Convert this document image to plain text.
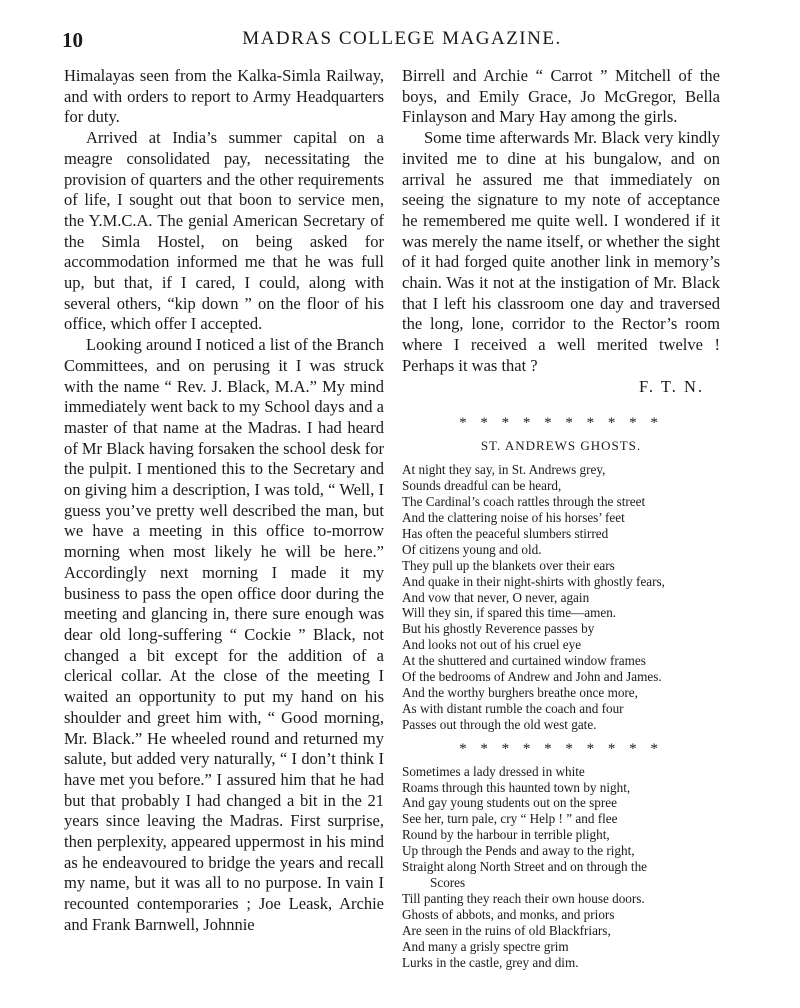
10	MADRAS COLLEGE MAGAZINE.

Himalayas seen from the Kalka-Simla Railway, and with orders to report to Army Headquarters for duty.

Arrived at India’s summer capital on a meagre consolidated pay, necessitating the provision of quarters and the other requirements of life, I sought out that boon to service men, the Y.M.C.A. The genial American Secretary of the Simla Hostel, on being asked for accommodation informed me that he was full up, but that, if I cared, I could, along with several others, “kip down ” on the floor of his office, which offer I accepted.

Looking around I noticed a list of the Branch Committees, and on perusing it I was struck with the name “ Rev. J. Black, M.A.” My mind immediately went back to my School days and a master of that name at the Madras. I had heard of Mr Black having forsaken the school desk for the pulpit. I mentioned this to the Secretary and on giving him a description, I was told, “ Well, I guess you’ve pretty well described the man, but we have a meeting in this office to-morrow morning when most likely he will be here.” Accordingly next morning I made it my business to pass the open office door during the meeting and glancing in, there sure enough was dear old long-suffering “ Cockie ” Black, not changed a bit except for the addition of a clerical collar. At the close of the meeting I waited an opportunity to put my hand on his shoulder and greet him with, “ Good morning, Mr. Black.” He wheeled round and returned my salute, but added very naturally, “ I don’t think I have met you before.” I assured him that he had but that probably I had changed a bit in the 21 years since leaving the Madras. First surprise, then perplexity, appeared uppermost in his mind as he endeavoured to bridge the years and recall my name, but it was all to no purpose. In vain I recounted contemporaries ; Joe Leask, Archie and Frank Barnwell, Johnnie

Birrell and Archie “ Carrot ” Mitchell of the boys, and Emily Grace, Jo McGregor, Bella Finlayson and Mary Hay among the girls.

Some time afterwards Mr. Black very kindly invited me to dine at his bungalow, and on arrival he assured me that immediately on seeing the signature to my note of acceptance he remembered me quite well. I wondered if it was merely the name itself, or whether the sight of it had forged quite another link in memory’s chain. Was it not at the instigation of Mr. Black that I left his classroom one day and traversed the long, lone, corridor to the Rector’s room where I received a well merited twelve ! Perhaps it was that ?

F. T. N.

* * * * * * * * * *

ST. ANDREWS GHOSTS.
At night they say, in St. Andrews grey,
Sounds dreadful can be heard,
The Cardinal’s coach rattles through the street
And the clattering noise of his horses’ feet
Has often the peaceful slumbers stirred
Of citizens young and old.
They pull up the blankets over their ears
And quake in their night-shirts with ghostly fears,
And vow that never, O never, again
Will they sin, if spared this time—amen.
But his ghostly Reverence passes by
And looks not out of his cruel eye
At the shuttered and curtained window frames
Of the bedrooms of Andrew and John and James.
And the worthy burghers breathe once more,
As with distant rumble the coach and four
Passes out through the old west gate.

* * * * * * * * * *

Sometimes a lady dressed in white
Roams through this haunted town by night,
And gay young students out on the spree
See her, turn pale, cry “ Help ! ” and flee
Round by the harbour in terrible plight,
Up through the Pends and away to the right,
Straight along North Street and on through the
Scores
Till panting they reach their own house doors.
Ghosts of abbots, and monks, and priors
Are seen in the ruins of old Blackfriars,
And many a grisly spectre grim
Lurks in the castle, grey and dim.
